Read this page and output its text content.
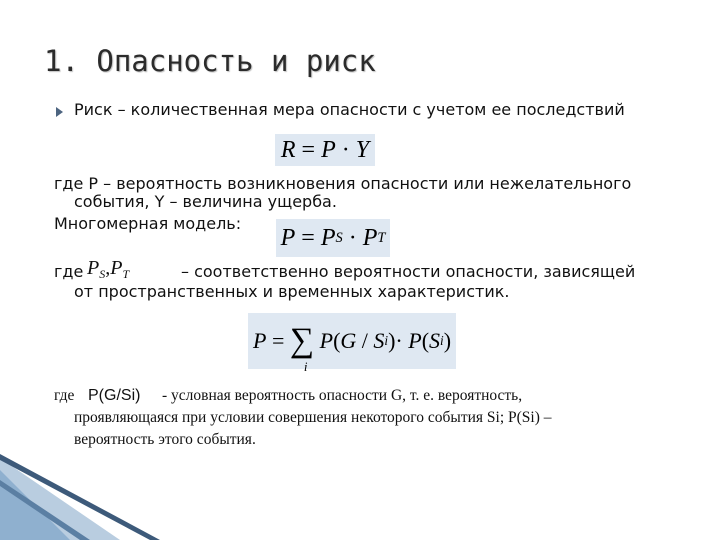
1. Опасность и риск
Риск – количественная мера опасности с учетом ее последствий
R = P · Y
где P – вероятность возникновения опасности или нежелательного
события, Y – величина ущерба.
Многомерная модель:
P = P S · P T
где $P_S,P_T$	– соответственно вероятности опасности, зависящей
от пространственных и временных характеристик.
P = ∑
i
P ( G / S i )· P ( S i )
где P(G/Si) - условная вероятность опасности G, т. е. вероятность,
проявляющаяся при условии совершения некоторого события Si; P(Si) –
вероятность этого события.
